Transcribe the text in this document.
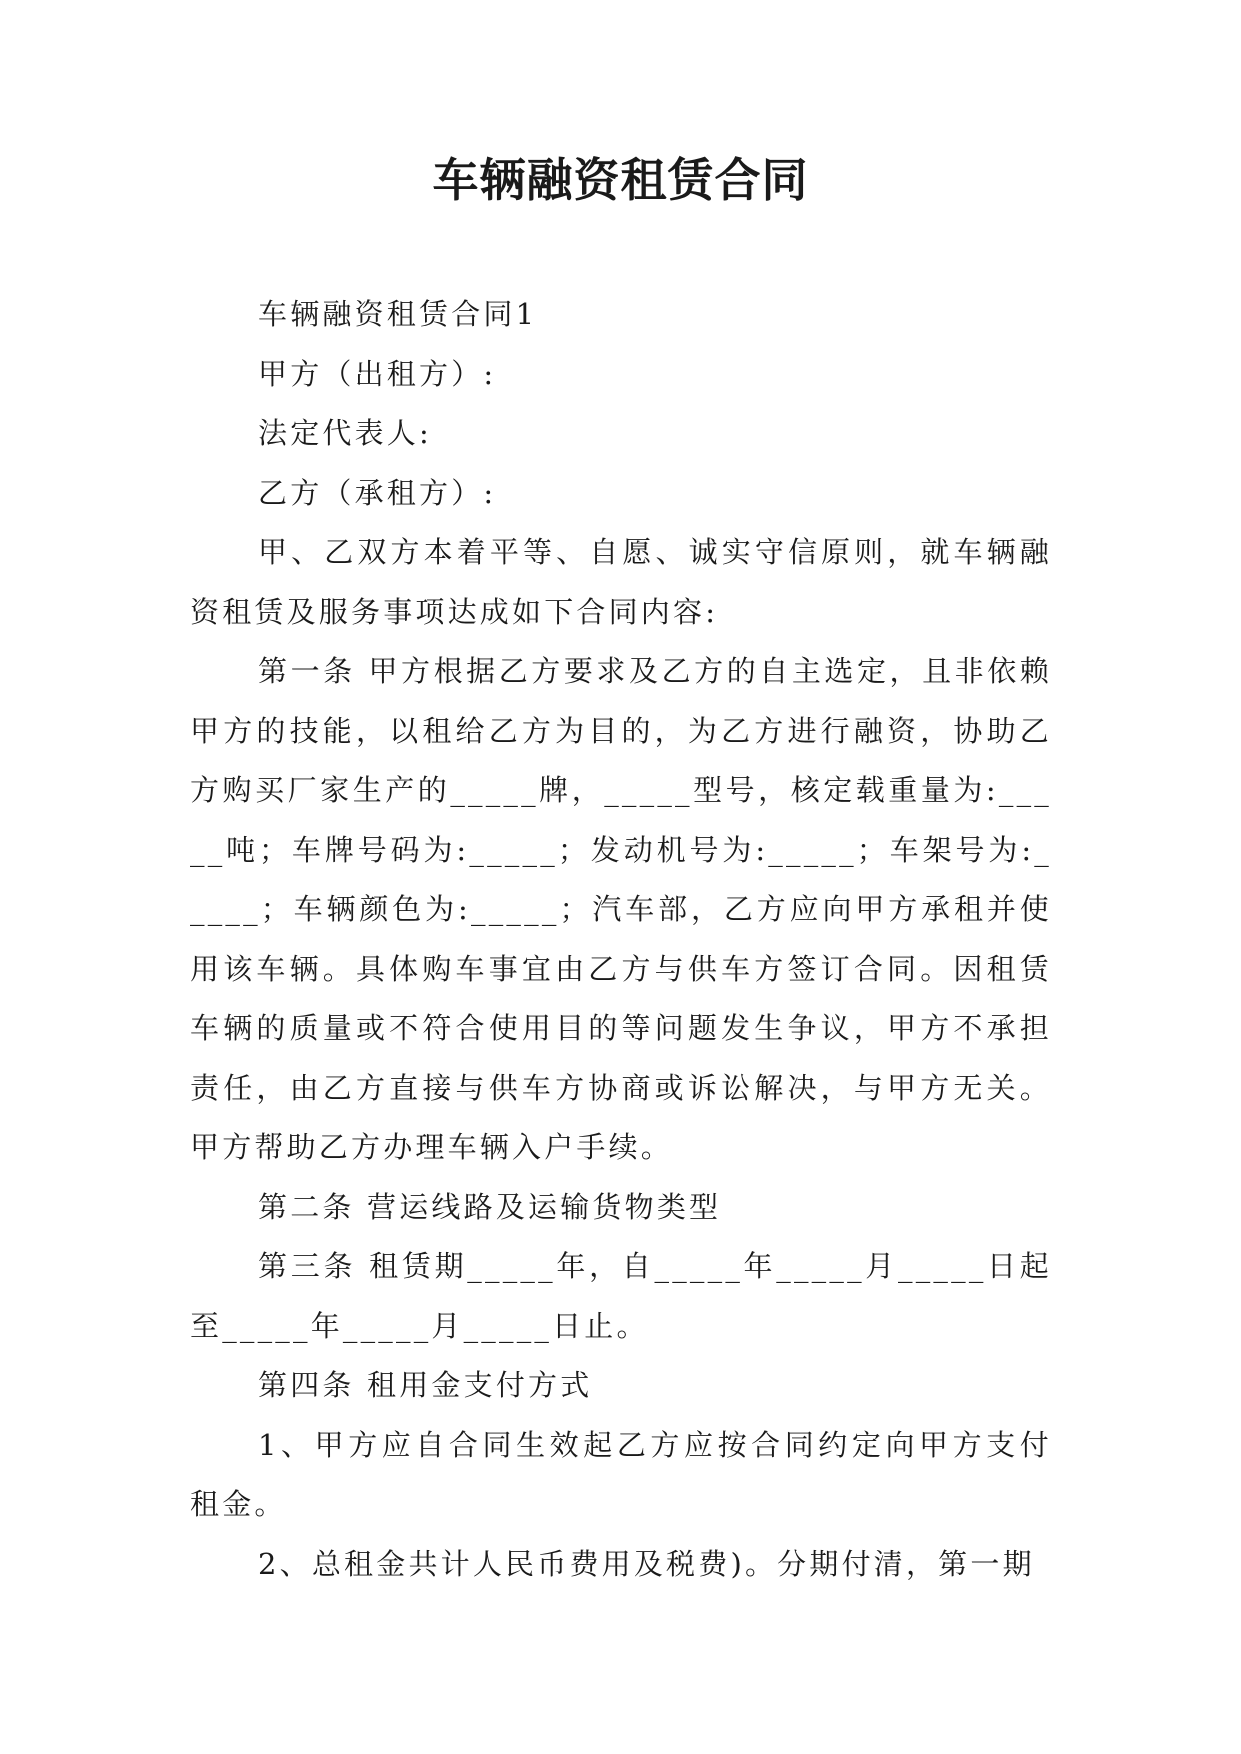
车辆融资租赁合同

车辆融资租赁合同1

甲方（出租方）:

法定代表人:

乙方（承租方）:

甲、乙双方本着平等、自愿、诚实守信原则，就车辆融资租赁及服务事项达成如下合同内容:

第一条 甲方根据乙方要求及乙方的自主选定，且非依赖甲方的技能，以租给乙方为目的，为乙方进行融资，协助乙方购买厂家生产的_____牌，_____型号，核定载重量为:_____吨；车牌号码为:_____；发动机号为:_____；车架号为:_____；车辆颜色为:_____；汽车部，乙方应向甲方承租并使用该车辆。具体购车事宜由乙方与供车方签订合同。因租赁车辆的质量或不符合使用目的等问题发生争议，甲方不承担责任，由乙方直接与供车方协商或诉讼解决，与甲方无关。甲方帮助乙方办理车辆入户手续。

第二条 营运线路及运输货物类型

第三条 租赁期_____年，自_____年_____月_____日起至_____年_____月_____日止。

第四条 租用金支付方式

1、甲方应自合同生效起乙方应按合同约定向甲方支付租金。

2、总租金共计人民币费用及税费)。分期付清，第一期
